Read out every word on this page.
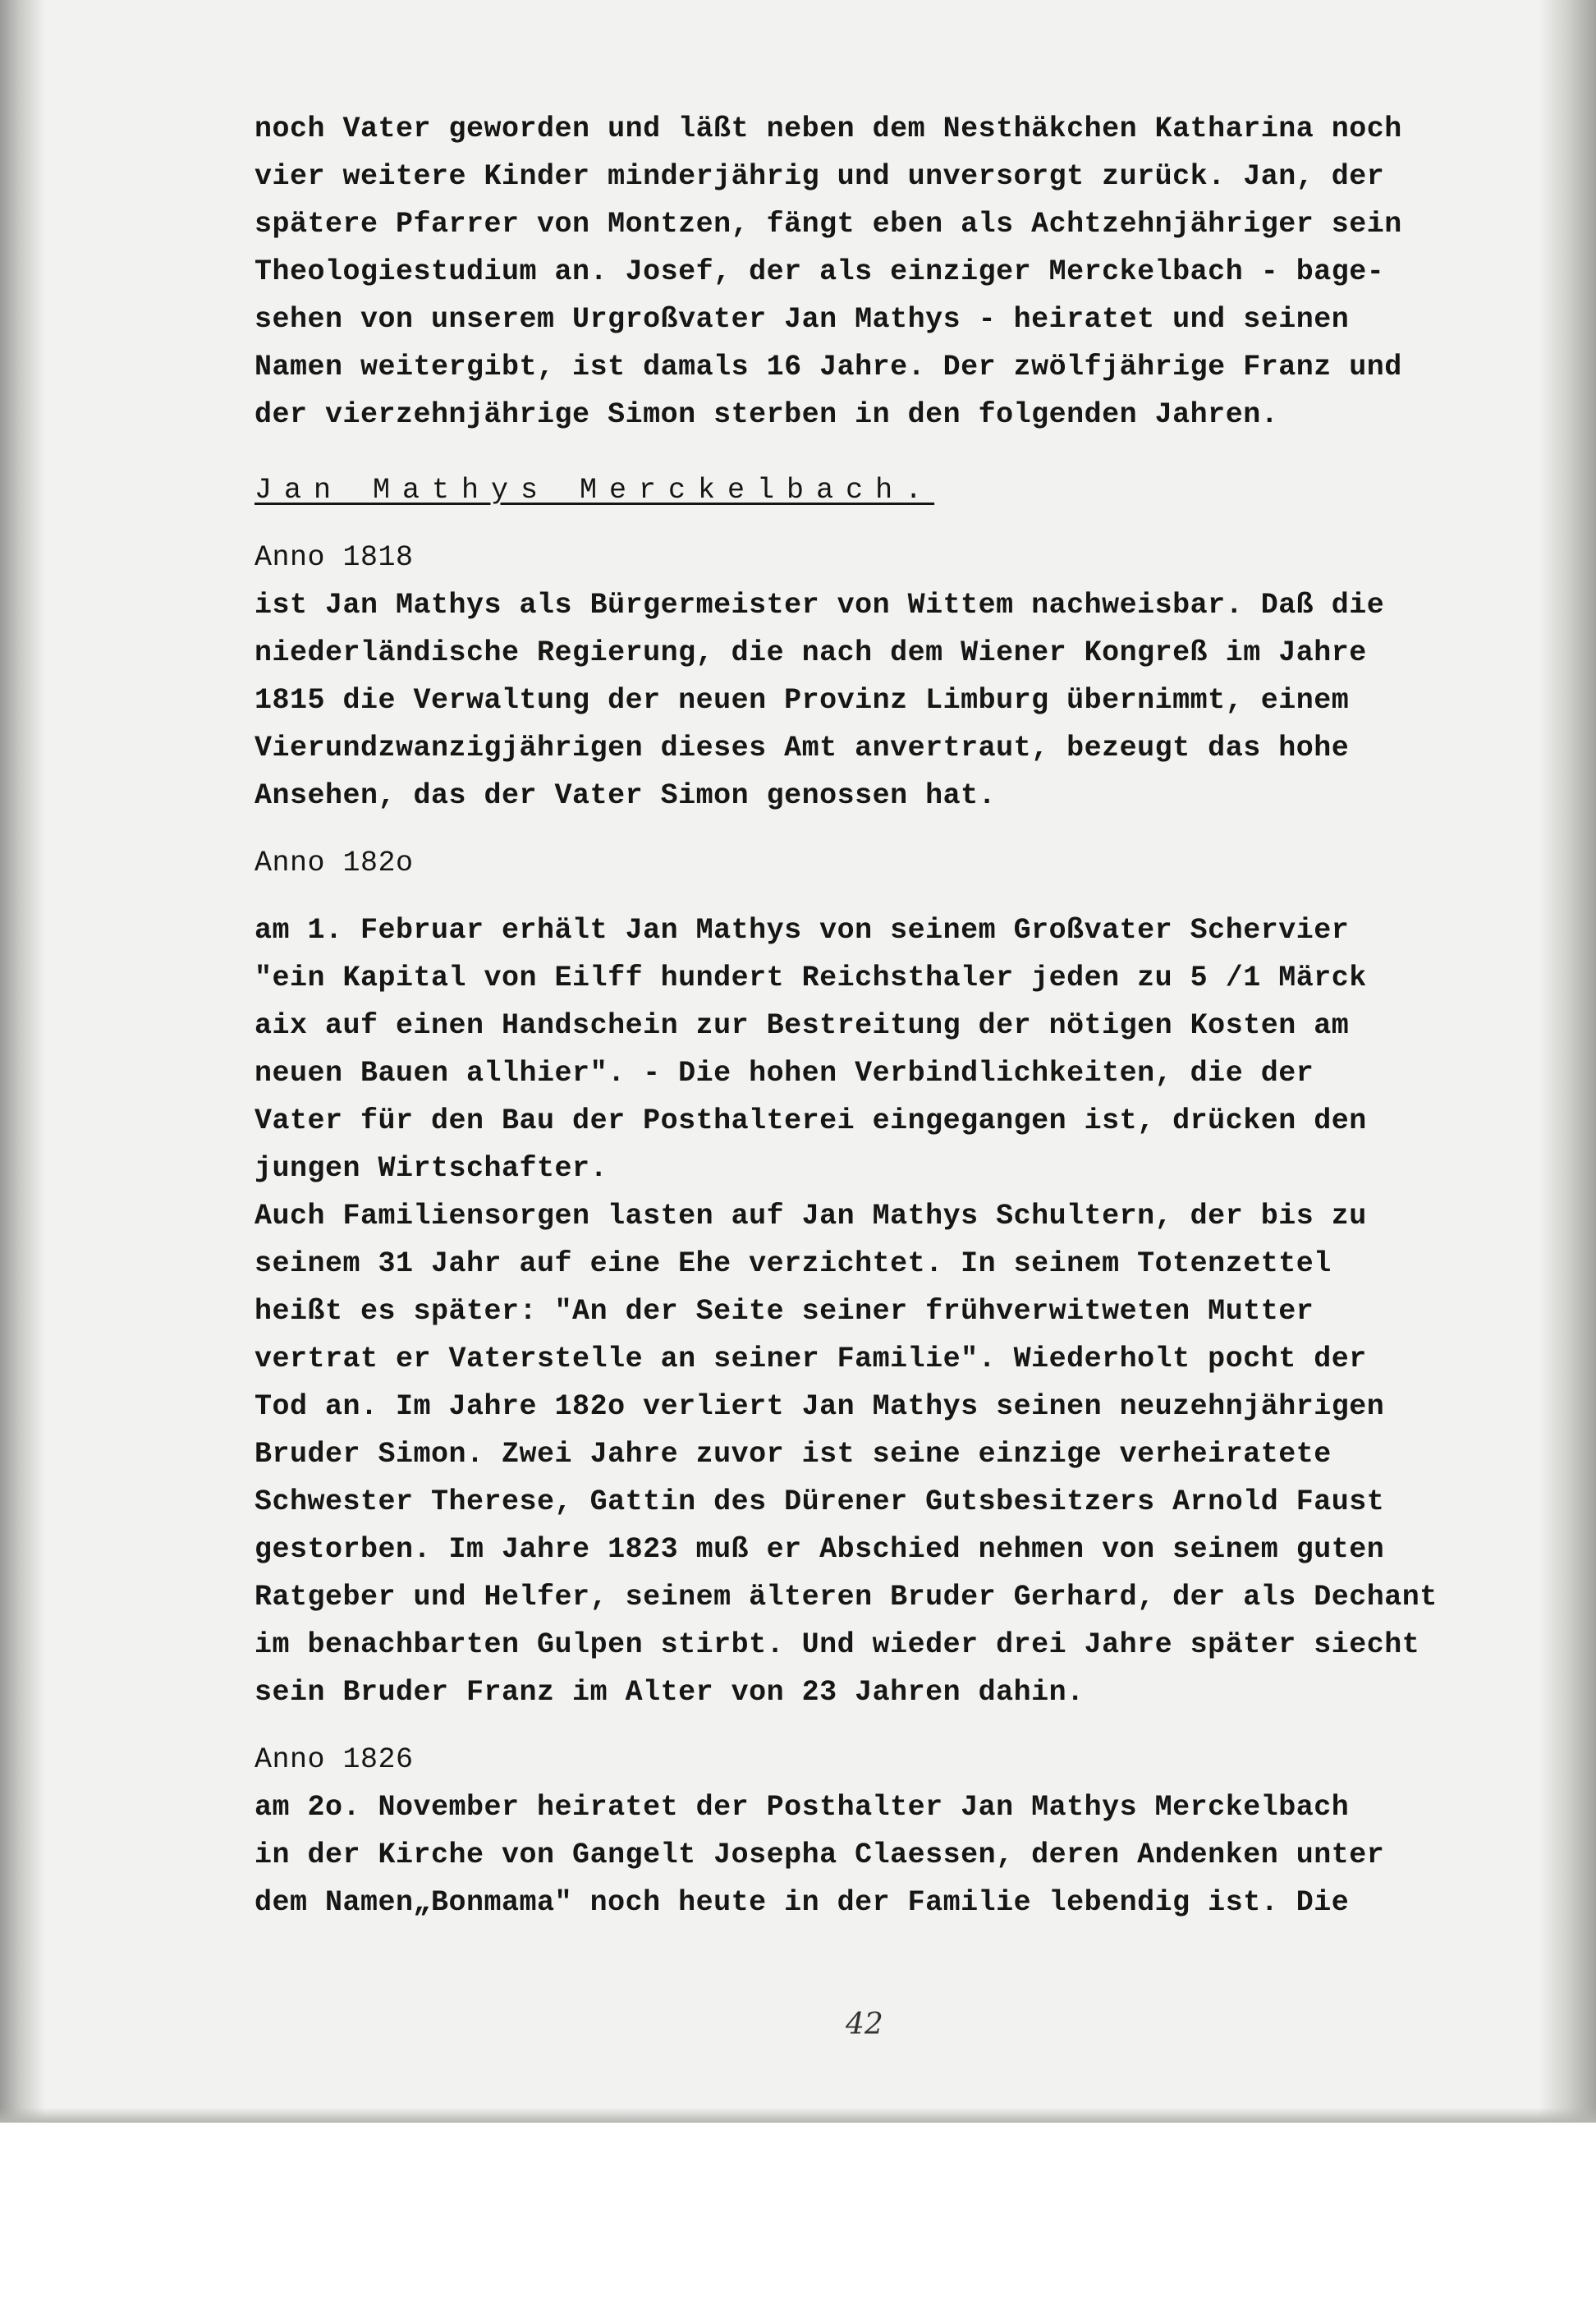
noch Vater geworden und läßt neben dem Nesthäkchen Katharina noch
vier weitere Kinder minderjährig und unversorgt zurück. Jan, der
spätere Pfarrer von Montzen, fängt eben als Achtzehnjähriger sein
Theologiestudium an. Josef, der als einziger Merckelbach - bage-
sehen von unserem Urgroßvater Jan Mathys - heiratet und seinen
Namen weitergibt, ist damals 16 Jahre. Der zwölfjährige Franz und
der vierzehnjährige Simon sterben in den folgenden Jahren.
Jan Mathys Merckelbach.
Anno 1818
ist Jan Mathys als Bürgermeister von Wittem nachweisbar. Daß die
niederländische Regierung, die nach dem Wiener Kongreß im Jahre
1815 die Verwaltung der neuen Provinz Limburg übernimmt, einem
Vierundzwanzigjährigen dieses Amt anvertraut, bezeugt das hohe
Ansehen, das der Vater Simon genossen hat.
Anno 182o
am 1. Februar erhält Jan Mathys von seinem Großvater Schervier
"ein Kapital von Eilff hundert Reichsthaler jeden zu 5 /1 Märck
aix auf einen Handschein zur Bestreitung der nötigen Kosten am
neuen Bauen allhier". - Die hohen Verbindlichkeiten, die der
Vater für den Bau der Posthalterei eingegangen ist, drücken den
jungen Wirtschafter.
Auch Familiensorgen lasten auf Jan Mathys Schultern, der bis zu
seinem 31 Jahr auf eine Ehe verzichtet. In seinem Totenzettel
heißt es später: "An der Seite seiner frühverwitweten Mutter
vertrat er Vaterstelle an seiner Familie". Wiederholt pocht der
Tod an. Im Jahre 182o verliert Jan Mathys seinen neuzehnjährigen
Bruder Simon. Zwei Jahre zuvor ist seine einzige verheiratete
Schwester Therese, Gattin des Dürener Gutsbesitzers Arnold Faust
gestorben. Im Jahre 1823 muß er Abschied nehmen von seinem guten
Ratgeber und Helfer, seinem älteren Bruder Gerhard, der als Dechant
im benachbarten Gulpen stirbt. Und wieder drei Jahre später siecht
sein Bruder Franz im Alter von 23 Jahren dahin.
Anno 1826
am 2o. November heiratet der Posthalter Jan Mathys Merckelbach
in der Kirche von Gangelt Josepha Claessen, deren Andenken unter
dem Namen„Bonmama" noch heute in der Familie lebendig ist. Die
42
